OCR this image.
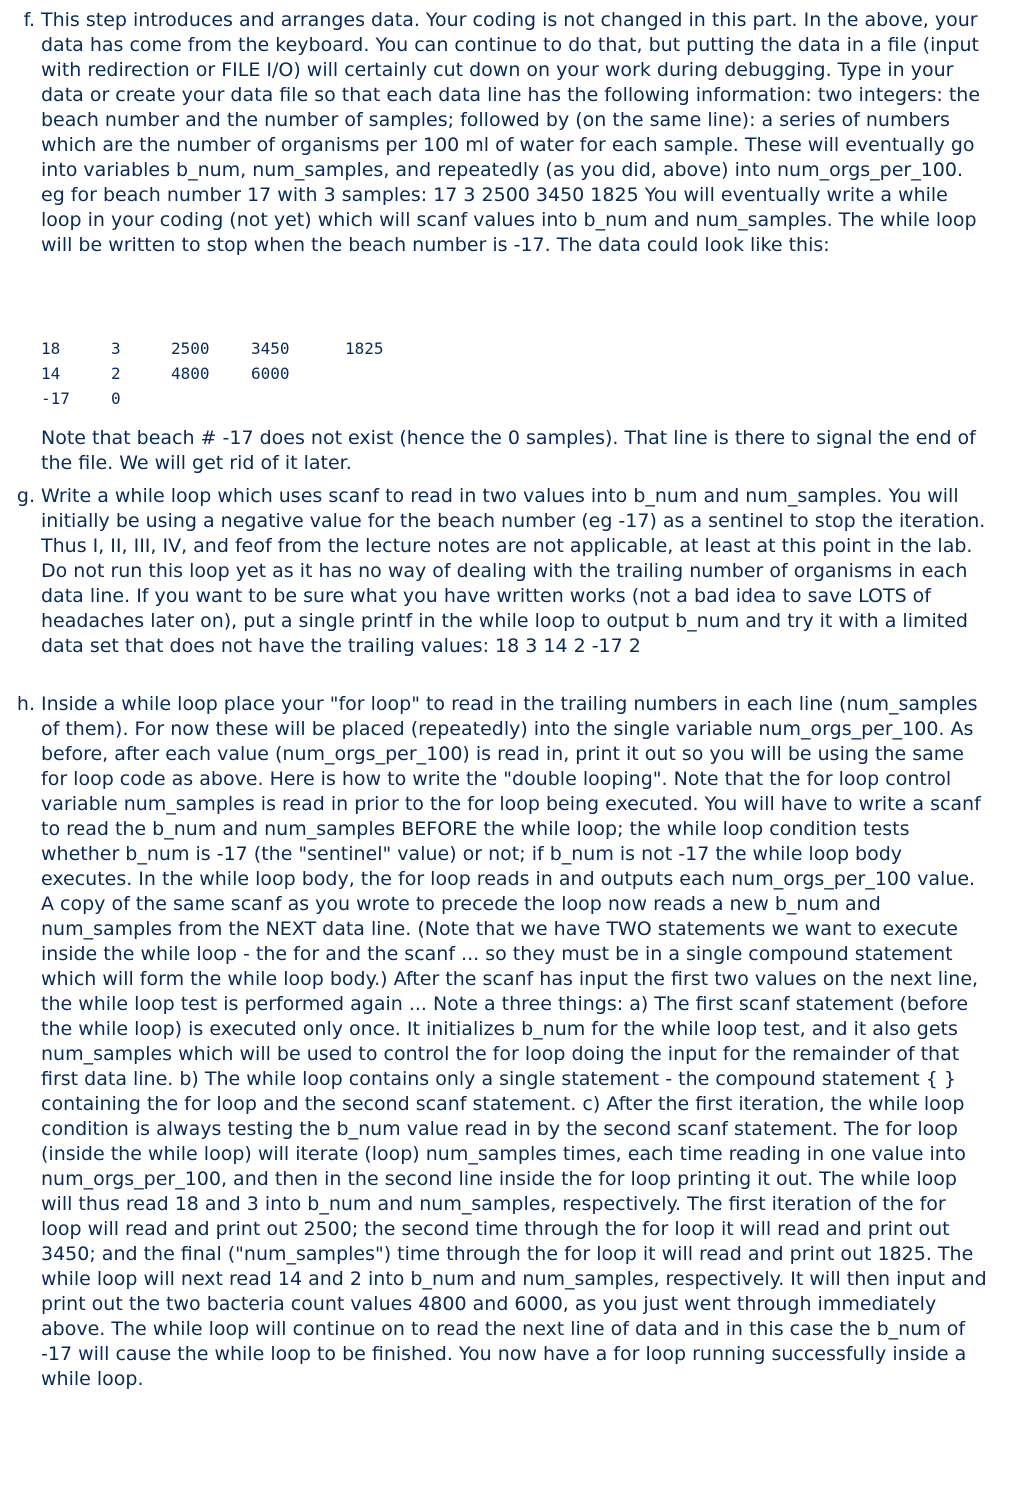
f. This step introduces and arranges data. Your coding is not changed in this part. In the above, your data has come from the keyboard. You can continue to do that, but putting the data in a file (input with redirection or FILE I/O) will certainly cut down on your work during debugging. Type in your data or create your data file so that each data line has the following information: two integers: the beach number and the number of samples; followed by (on the same line): a series of numbers which are the number of organisms per 100 ml of water for each sample. These will eventually go into variables b_num, num_samples, and repeatedly (as you did, above) into num_orgs_per_100. eg for beach number 17 with 3 samples: 17 3 2500 3450 1825 You will eventually write a while loop in your coding (not yet) which will scanf values into b_num and num_samples. The while loop will be written to stop when the beach number is -17. The data could look like this:

18	3	2500	3450	1825
14	2	4800	6000	
-17	0			

Note that beach # -17 does not exist (hence the 0 samples). That line is there to signal the end of the file. We will get rid of it later.

g. Write a while loop which uses scanf to read in two values into b_num and num_samples. You will initially be using a negative value for the beach number (eg -17) as a sentinel to stop the iteration. Thus I, II, III, IV, and feof from the lecture notes are not applicable, at least at this point in the lab. Do not run this loop yet as it has no way of dealing with the trailing number of organisms in each data line. If you want to be sure what you have written works (not a bad idea to save LOTS of headaches later on), put a single printf in the while loop to output b_num and try it with a limited data set that does not have the trailing values: 18 3 14 2 -17 2

h. Inside a while loop place your "for loop" to read in the trailing numbers in each line (num_samples of them). For now these will be placed (repeatedly) into the single variable num_orgs_per_100. As before, after each value (num_orgs_per_100) is read in, print it out so you will be using the same for loop code as above. Here is how to write the "double looping". Note that the for loop control variable num_samples is read in prior to the for loop being executed. You will have to write a scanf to read the b_num and num_samples BEFORE the while loop; the while loop condition tests whether b_num is -17 (the "sentinel" value) or not; if b_num is not -17 the while loop body executes. In the while loop body, the for loop reads in and outputs each num_orgs_per_100 value. A copy of the same scanf as you wrote to precede the loop now reads a new b_num and num_samples from the NEXT data line. (Note that we have TWO statements we want to execute inside the while loop - the for and the scanf ... so they must be in a single compound statement which will form the while loop body.) After the scanf has input the first two values on the next line, the while loop test is performed again ... Note a three things: a) The first scanf statement (before the while loop) is executed only once. It initializes b_num for the while loop test, and it also gets num_samples which will be used to control the for loop doing the input for the remainder of that first data line. b) The while loop contains only a single statement - the compound statement { } containing the for loop and the second scanf statement. c) After the first iteration, the while loop condition is always testing the b_num value read in by the second scanf statement. The for loop (inside the while loop) will iterate (loop) num_samples times, each time reading in one value into num_orgs_per_100, and then in the second line inside the for loop printing it out. The while loop will thus read 18 and 3 into b_num and num_samples, respectively. The first iteration of the for loop will read and print out 2500; the second time through the for loop it will read and print out 3450; and the final ("num_samples") time through the for loop it will read and print out 1825. The while loop will next read 14 and 2 into b_num and num_samples, respectively. It will then input and print out the two bacteria count values 4800 and 6000, as you just went through immediately above. The while loop will continue on to read the next line of data and in this case the b_num of -17 will cause the while loop to be finished. You now have a for loop running successfully inside a while loop.
